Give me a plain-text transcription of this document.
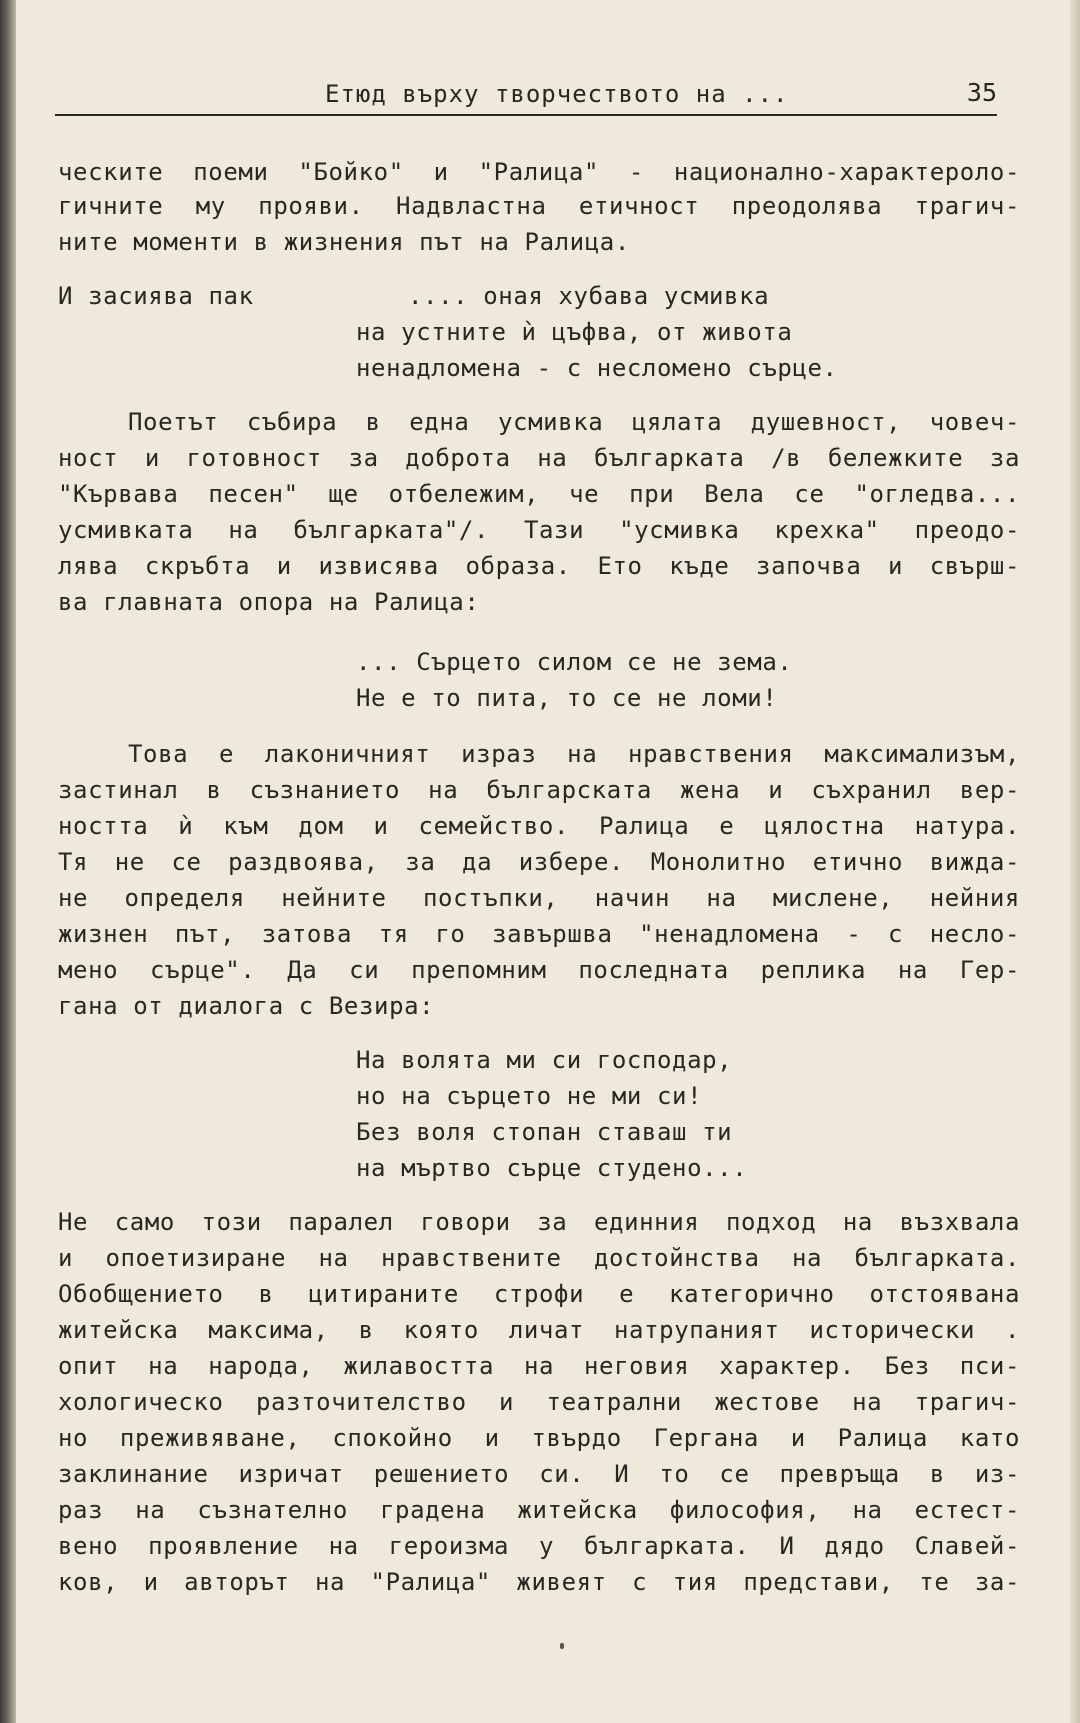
Етюд върху творчеството на ...	35
ческите поеми "Бойко" и "Ралица" - национално-характероло-
гичните му прояви. Надвластна етичност преодолява трагич-
ните моменти в жизнения път на Ралица.
И засиява пак	.... оная хубава усмивка
на устните ѝ цъфва, от живота
ненадломена - с несломено сърце.
Поетът събира в една усмивка цялата душевност, човеч-
ност и готовност за доброта на българката /в бележките за
"Кървава песен" ще отбележим, че при Вела се "огледва...
усмивката на българката"/. Тази "усмивка крехка" преодо-
лява скръбта и извисява образа. Ето къде започва и свърш-
ва главната опора на Ралица:
... Сърцето силом се не зема.
Не е то пита, то се не ломи!
Това е лаконичният израз на нравствения максимализъм,
застинал в съзнанието на българската жена и съхранил вер-
ността ѝ към дом и семейство. Ралица е цялостна натура.
Тя не се раздвоява, за да избере. Монолитно етично вижда-
не определя нейните постъпки, начин на мислене, нейния
жизнен път, затова тя го завършва "ненадломена - с несло-
мено сърце". Да си препомним последната реплика на Гер-
гана от диалога с Везира:
На волята ми си господар,
но на сърцето не ми си!
Без воля стопан ставаш ти
на мъртво сърце студено...
Не само този паралел говори за единния подход на възхвала
и опоетизиране на нравствените достойнства на българката.
Обобщението в цитираните строфи е категорично отстоявана
житейска максима, в която личат натрупаният исторически .
опит на народа, жилавостта на неговия характер. Без пси-
хологическо разточителство и театрални жестове на трагич-
но преживяване, спокойно и твърдо Гергана и Ралица като
заклинание изричат решението си. И то се превръща в из-
раз на съзнателно градена житейска философия, на естест-
вено проявление на героизма у българката. И дядо Славей-
ков, и авторът на "Ралица" живеят с тия представи, те за-
